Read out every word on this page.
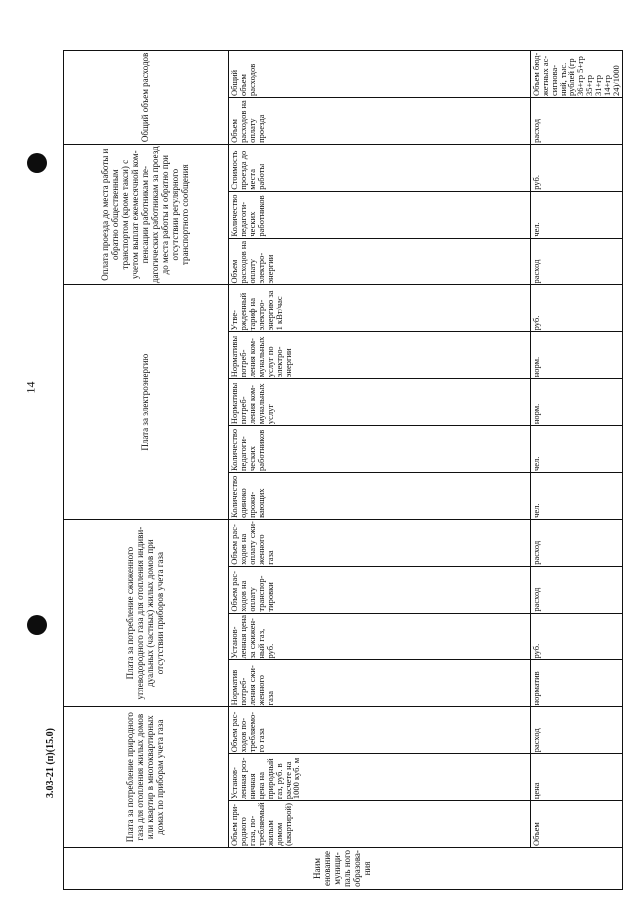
14
3.03-21 (п)(15.0)
Наим енование муниципаль ного образования	Плата за потребление природного газа для отопления жилых домов или квартир в многоквартирных домах по приборам учета газа			Плата за потребление сжиженного углеводородного газа для отопления индивидуальных (частных) жилых домов при отсутствии приборов учета газа				Плата за электроэнергию					Оплата проезда до места работы и обратно общественным транспортом (кроме такси) с учетом выплат ежемесячной компенсации работникам педагогических работникам за проезд до места работы и обратно при отсутствии регулярного транспортного сообщения			Общий объем расходов	
	Объем природного газа, потребляемый жилым домом (квартирой)	Установленная розничная цена на природный газ, руб. в расчете на 1000 куб. м	Объем расходов потребляемого газа	Норматив потребления сжиженного газа	Установленная цена за сжиженный газ, руб.	Объем расходов на оплату транспортировки	Объем расходов на оплату сжиженного газа	Количество одиноко проживающих	Количество педагогических работников	Нормативы потребления коммунальных услуг	Нормативы потребления коммунальных услуг по электроэнергии	Утвержденный тариф на электроэнергию за 1 кВт/час	Объем расходов на оплату электроэнергии	Количество педагогических работников	Стоимость проезда до места работы	Объем расходов на оплату проезда	Общий объем расходов
	Объем	цена	расход	норматив	руб.	расход	расход	чел.	чел.	норм.	норм.	руб.	расход	чел.	руб.	расход	Объем бюджетных ассигнований, тыс. рублей (гр 36+гр 5+гр 35+гр 31+гр 14+гр 24)/1000
